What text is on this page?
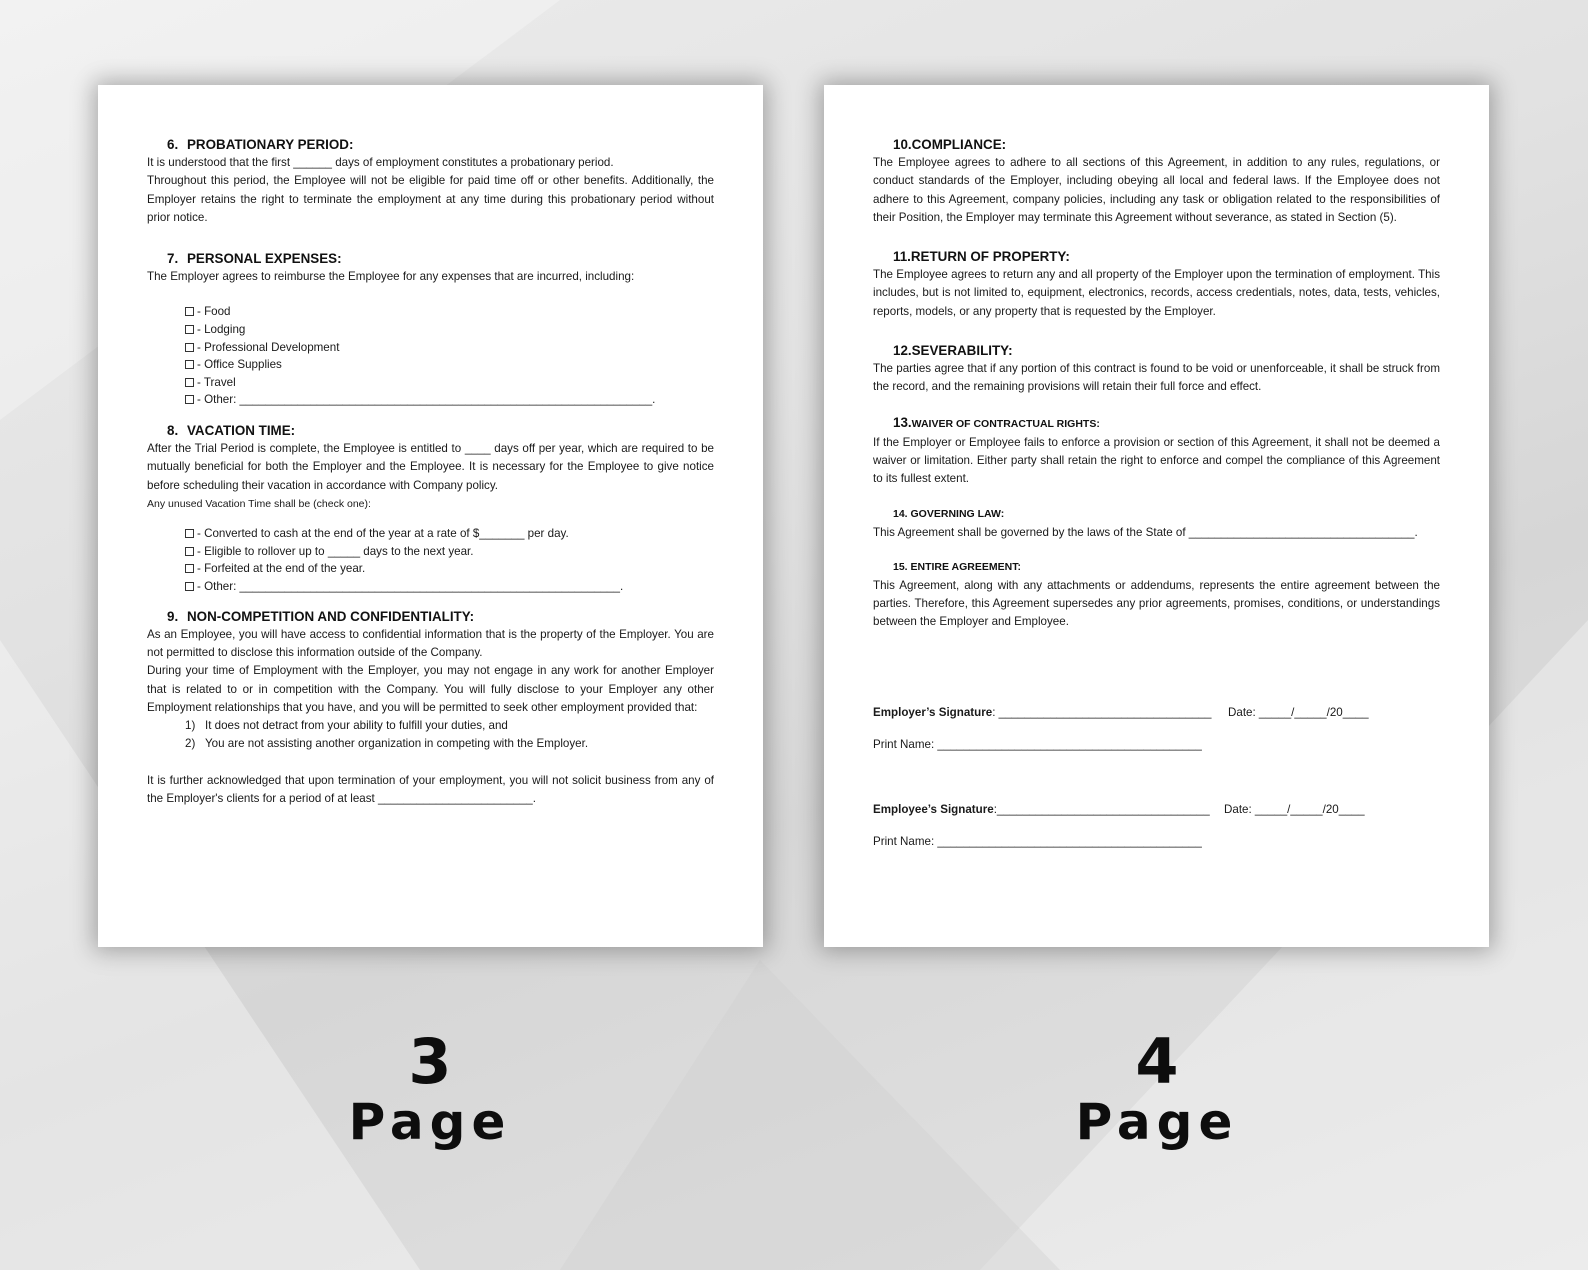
6. PROBATIONARY PERIOD:
It is understood that the first ______ days of employment constitutes a probationary period.
Throughout this period, the Employee will not be eligible for paid time off or other benefits. Additionally, the Employer retains the right to terminate the employment at any time during this probationary period without prior notice.
7. PERSONAL EXPENSES:
The Employer agrees to reimburse the Employee for any expenses that are incurred, including:
- Food
- Lodging
- Professional Development
- Office Supplies
- Travel
- Other: ________________________________________________________________.
8. VACATION TIME:
After the Trial Period is complete, the Employee is entitled to ____ days off per year, which are required to be mutually beneficial for both the Employer and the Employee. It is necessary for the Employee to give notice before scheduling their vacation in accordance with Company policy.
Any unused Vacation Time shall be (check one):
- Converted to cash at the end of the year at a rate of $_______ per day.
- Eligible to rollover up to _____ days to the next year.
- Forfeited at the end of the year.
- Other: ___________________________________________________________.
9. NON-COMPETITION AND CONFIDENTIALITY:
As an Employee, you will have access to confidential information that is the property of the Employer. You are not permitted to disclose this information outside of the Company.
During your time of Employment with the Employer, you may not engage in any work for another Employer that is related to or in competition with the Company. You will fully disclose to your Employer any other Employment relationships that you have, and you will be permitted to seek other employment provided that:
1) It does not detract from your ability to fulfill your duties, and
2) You are not assisting another organization in competing with the Employer.
It is further acknowledged that upon termination of your employment, you will not solicit business from any of the Employer's clients for a period of at least ________________________.
10.COMPLIANCE:
The Employee agrees to adhere to all sections of this Agreement, in addition to any rules, regulations, or conduct standards of the Employer, including obeying all local and federal laws. If the Employee does not adhere to this Agreement, company policies, including any task or obligation related to the responsibilities of their Position, the Employer may terminate this Agreement without severance, as stated in Section (5).
11.RETURN OF PROPERTY:
The Employee agrees to return any and all property of the Employer upon the termination of employment. This includes, but is not limited to, equipment, electronics, records, access credentials, notes, data, tests, vehicles, reports, models, or any property that is requested by the Employer.
12.SEVERABILITY:
The parties agree that if any portion of this contract is found to be void or unenforceable, it shall be struck from the record, and the remaining provisions will retain their full force and effect.
13.WAIVER OF CONTRACTUAL RIGHTS:
If the Employer or Employee fails to enforce a provision or section of this Agreement, it shall not be deemed a waiver or limitation. Either party shall retain the right to enforce and compel the compliance of this Agreement to its fullest extent.
14. GOVERNING LAW:
This Agreement shall be governed by the laws of the State of ___________________________________.
15. ENTIRE AGREEMENT:
This Agreement, along with any attachments or addendums, represents the entire agreement between the parties. Therefore, this Agreement supersedes any prior agreements, promises, conditions, or understandings between the Employer and Employee.
Employer’s Signature: _________________________________ Date: _____/_____/20____
Print Name: _________________________________________
Employee’s Signature:_________________________________ Date: _____/_____/20____
Print Name: _________________________________________
3
Page
4
Page
